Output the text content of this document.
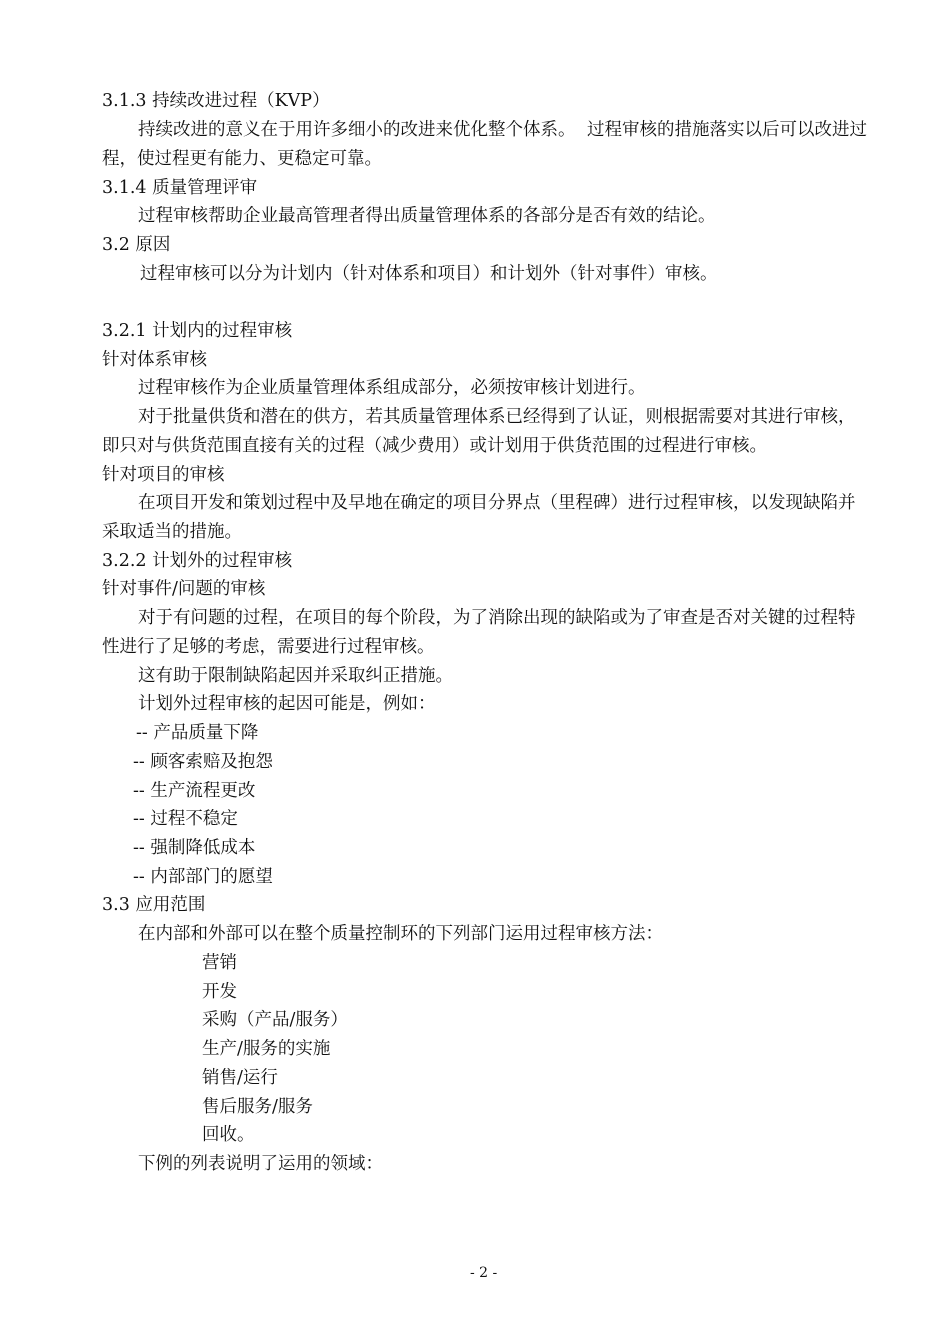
3.1.3 持续改进过程（KVP）
持续改进的意义在于用许多细小的改进来优化整个体系。 过程审核的措施落实以后可以改进过
程，使过程更有能力、更稳定可靠。
3.1.4 质量管理评审
过程审核帮助企业最高管理者得出质量管理体系的各部分是否有效的结论。
3.2 原因
过程审核可以分为计划内（针对体系和项目）和计划外（针对事件）审核。
3.2.1 计划内的过程审核
针对体系审核
过程审核作为企业质量管理体系组成部分，必须按审核计划进行。
对于批量供货和潜在的供方，若其质量管理体系已经得到了认证，则根据需要对其进行审核，
即只对与供货范围直接有关的过程（减少费用）或计划用于供货范围的过程进行审核。
针对项目的审核
在项目开发和策划过程中及早地在确定的项目分界点（里程碑）进行过程审核，以发现缺陷并
采取适当的措施。
3.2.2 计划外的过程审核
针对事件/问题的审核
对于有问题的过程，在项目的每个阶段，为了消除出现的缺陷或为了审查是否对关键的过程特
性进行了足够的考虑，需要进行过程审核。
这有助于限制缺陷起因并采取纠正措施。
计划外过程审核的起因可能是，例如：
-- 产品质量下降
-- 顾客索赔及抱怨
-- 生产流程更改
-- 过程不稳定
-- 强制降低成本
-- 内部部门的愿望
3.3 应用范围
在内部和外部可以在整个质量控制环的下列部门运用过程审核方法：
营销
开发
采购（产品/服务）
生产/服务的实施
销售/运行
售后服务/服务
回收。
下例的列表说明了运用的领域：
- 2 -
